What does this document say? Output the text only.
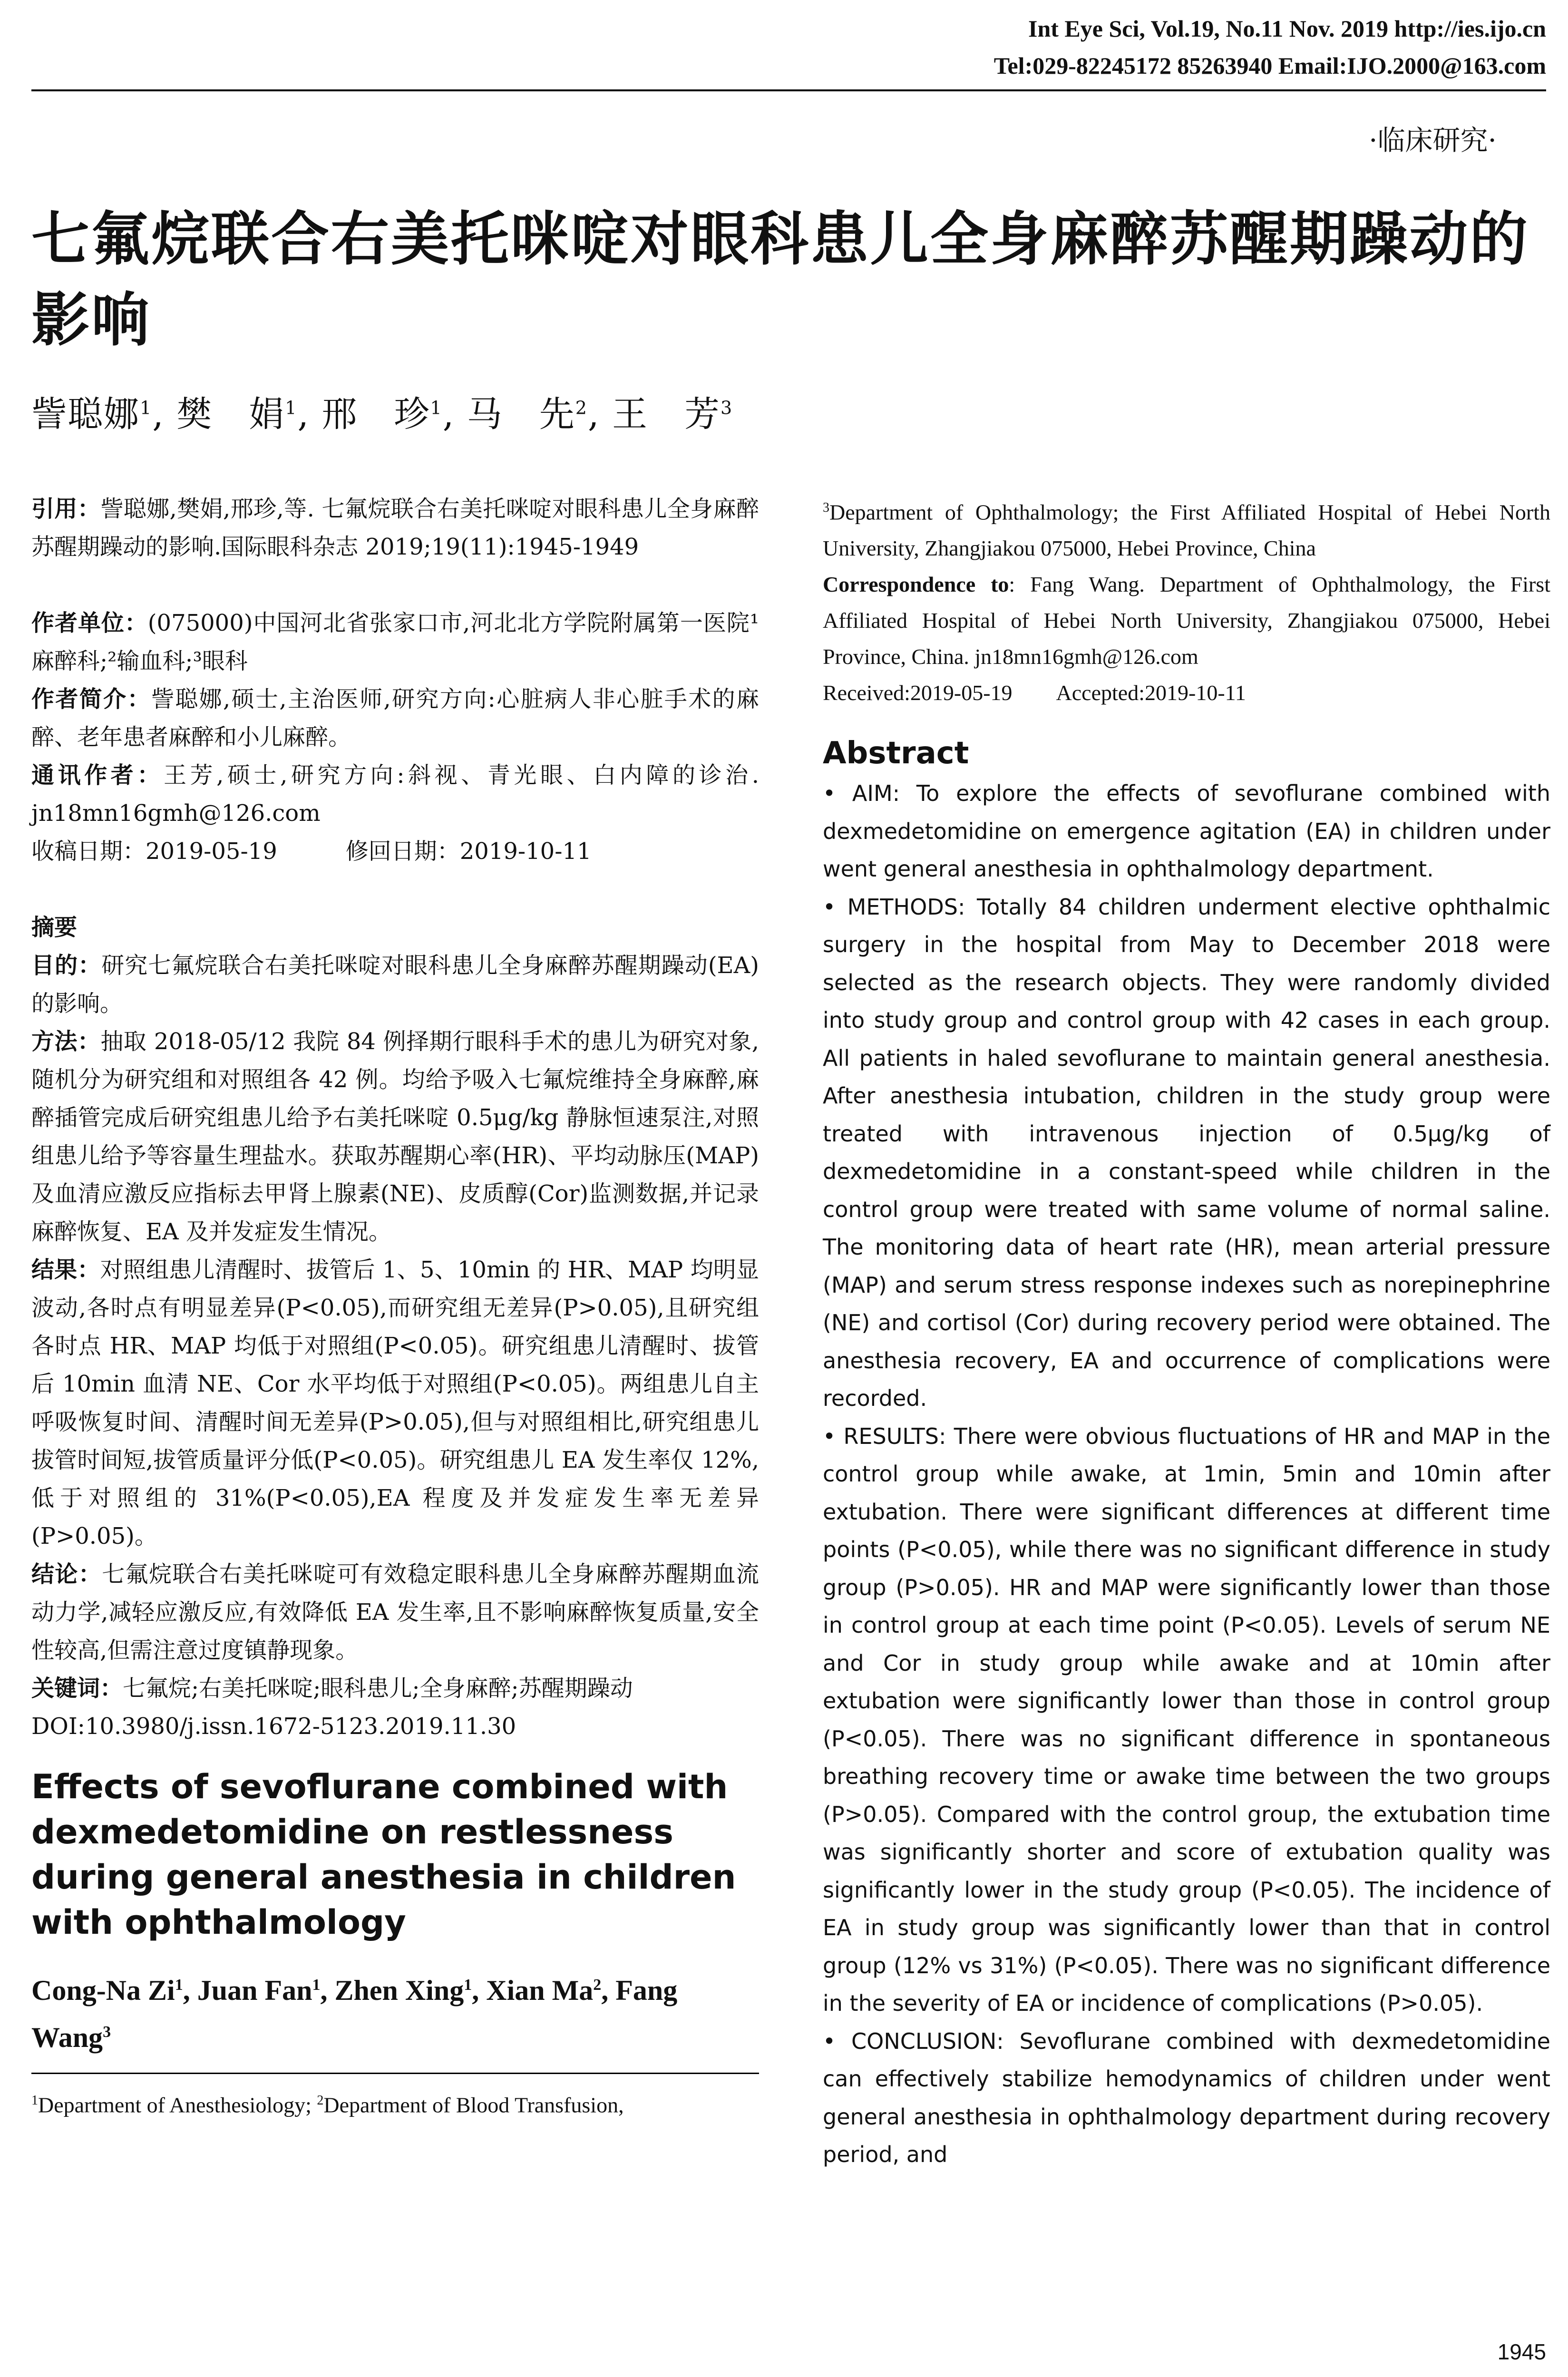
Int Eye Sci, Vol.19, No.11 Nov. 2019 http://ies.ijo.cn
Tel:029-82245172 85263940 Email:IJO.2000@163.com
·临床研究·
七氟烷联合右美托咪啶对眼科患儿全身麻醉苏醒期躁动的影响
訾聪娜$^1$, 樊　娟$^1$, 邢　珍$^1$, 马　先$^2$, 王　芳$^3$

引用：訾聪娜,樊娟,邢珍,等. 七氟烷联合右美托咪啶对眼科患儿全身麻醉苏醒期躁动的影响.国际眼科杂志 2019;19(11):1945-1949

作者单位：(075000)中国河北省张家口市,河北北方学院附属第一医院¹麻醉科;²输血科;³眼科

作者简介：訾聪娜,硕士,主治医师,研究方向:心脏病人非心脏手术的麻醉、老年患者麻醉和小儿麻醉。

通讯作者：王芳,硕士,研究方向:斜视、青光眼、白内障的诊治. jn18mn16gmh@126.com

收稿日期：2019-05-19　　　修回日期：2019-10-11

摘要

目的：研究七氟烷联合右美托咪啶对眼科患儿全身麻醉苏醒期躁动(EA)的影响。

方法：抽取 2018-05/12 我院 84 例择期行眼科手术的患儿为研究对象,随机分为研究组和对照组各 42 例。均给予吸入七氟烷维持全身麻醉,麻醉插管完成后研究组患儿给予右美托咪啶 0.5μg/kg 静脉恒速泵注,对照组患儿给予等容量生理盐水。获取苏醒期心率(HR)、平均动脉压(MAP)及血清应激反应指标去甲肾上腺素(NE)、皮质醇(Cor)监测数据,并记录麻醉恢复、EA 及并发症发生情况。

结果：对照组患儿清醒时、拔管后 1、5、10min 的 HR、MAP 均明显波动,各时点有明显差异(P<0.05),而研究组无差异(P>0.05),且研究组各时点 HR、MAP 均低于对照组(P<0.05)。研究组患儿清醒时、拔管后 10min 血清 NE、Cor 水平均低于对照组(P<0.05)。两组患儿自主呼吸恢复时间、清醒时间无差异(P>0.05),但与对照组相比,研究组患儿拔管时间短,拔管质量评分低(P<0.05)。研究组患儿 EA 发生率仅 12%,低于对照组的 31%(P<0.05),EA 程度及并发症发生率无差异(P>0.05)。

结论：七氟烷联合右美托咪啶可有效稳定眼科患儿全身麻醉苏醒期血流动力学,减轻应激反应,有效降低 EA 发生率,且不影响麻醉恢复质量,安全性较高,但需注意过度镇静现象。

关键词：七氟烷;右美托咪啶;眼科患儿;全身麻醉;苏醒期躁动

DOI:10.3980/j.issn.1672-5123.2019.11.30

Effects of sevoflurane combined with dexmedetomidine on restlessness during general anesthesia in children with ophthalmology
Cong-Na Zi$^1$, Juan Fan$^1$, Zhen Xing$^1$, Xian Ma$^2$, Fang Wang$^3$
$^1$Department of Anesthesiology; $^2$Department of Blood Transfusion,
$^3$Department of Ophthalmology; the First Affiliated Hospital of Hebei North University, Zhangjiakou 075000, Hebei Province, China
Correspondence to: Fang Wang. Department of Ophthalmology, the First Affiliated Hospital of Hebei North University, Zhangjiakou 075000, Hebei Province, China. jn18mn16gmh@126.com
Received:2019-05-19　　Accepted:2019-10-11
Abstract

• AIM: To explore the effects of sevoflurane combined with dexmedetomidine on emergence agitation (EA) in children under went general anesthesia in ophthalmology department.

• METHODS: Totally 84 children underment elective ophthalmic surgery in the hospital from May to December 2018 were selected as the research objects. They were randomly divided into study group and control group with 42 cases in each group. All patients in haled sevoflurane to maintain general anesthesia. After anesthesia intubation, children in the study group were treated with intravenous injection of 0.5μg/kg of dexmedetomidine in a constant-speed while children in the control group were treated with same volume of normal saline. The monitoring data of heart rate (HR), mean arterial pressure (MAP) and serum stress response indexes such as norepinephrine (NE) and cortisol (Cor) during recovery period were obtained. The anesthesia recovery, EA and occurrence of complications were recorded.

• RESULTS: There were obvious fluctuations of HR and MAP in the control group while awake, at 1min, 5min and 10min after extubation. There were significant differences at different time points (P<0.05), while there was no significant difference in study group (P>0.05). HR and MAP were significantly lower than those in control group at each time point (P<0.05). Levels of serum NE and Cor in study group while awake and at 10min after extubation were significantly lower than those in control group (P<0.05). There was no significant difference in spontaneous breathing recovery time or awake time between the two groups (P>0.05). Compared with the control group, the extubation time was significantly shorter and score of extubation quality was significantly lower in the study group (P<0.05). The incidence of EA in study group was significantly lower than that in control group (12% vs 31%) (P<0.05). There was no significant difference in the severity of EA or incidence of complications (P>0.05).

• CONCLUSION: Sevoflurane combined with dexmedetomidine can effectively stabilize hemodynamics of children under went general anesthesia in ophthalmology department during recovery period, and

1945
